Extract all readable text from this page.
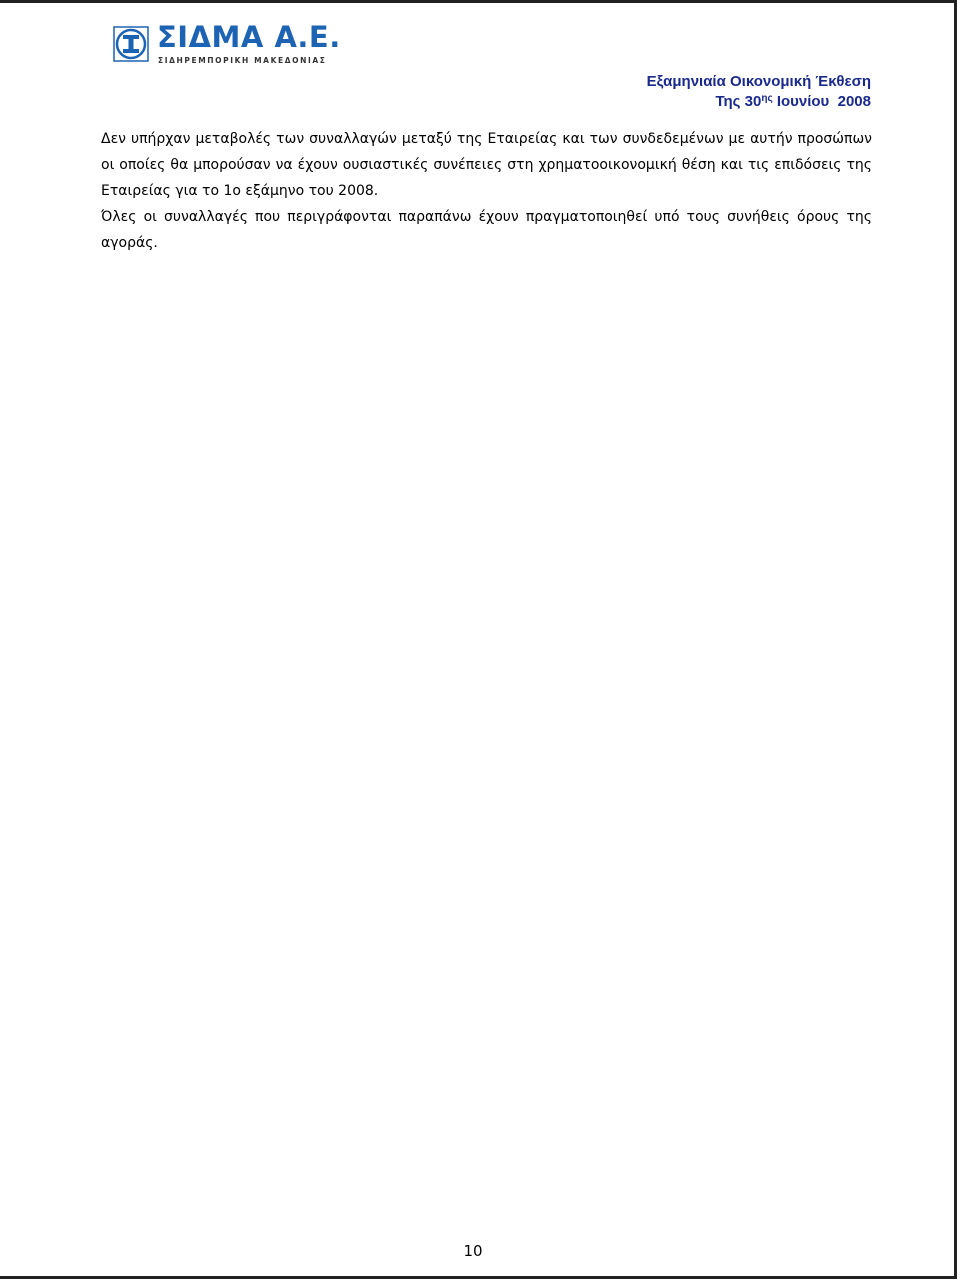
ΣΙΔΜΑ Α.Ε.
ΣΙΔΗΡΕΜΠΟΡΙΚΗ ΜΑΚΕΔΟΝΙΑΣ
Εξαμηνιαία Οικονομική Έκθεση
Της $30^{\eta\varsigma}$ Ιουνίου  2008

Δεν υπήρχαν μεταβολές των συναλλαγών μεταξύ της Εταιρείας και των συνδεδεμένων με αυτήν προσώπων οι οποίες θα μπορούσαν να έχουν ουσιαστικές συνέπειες στη χρηματοοικονομική θέση και τις επιδόσεις της Εταιρείας για το 1ο εξάμηνο του 2008.

Όλες οι συναλλαγές που περιγράφονται παραπάνω έχουν πραγματοποιηθεί υπό τους συνήθεις όρους της αγοράς.

10
